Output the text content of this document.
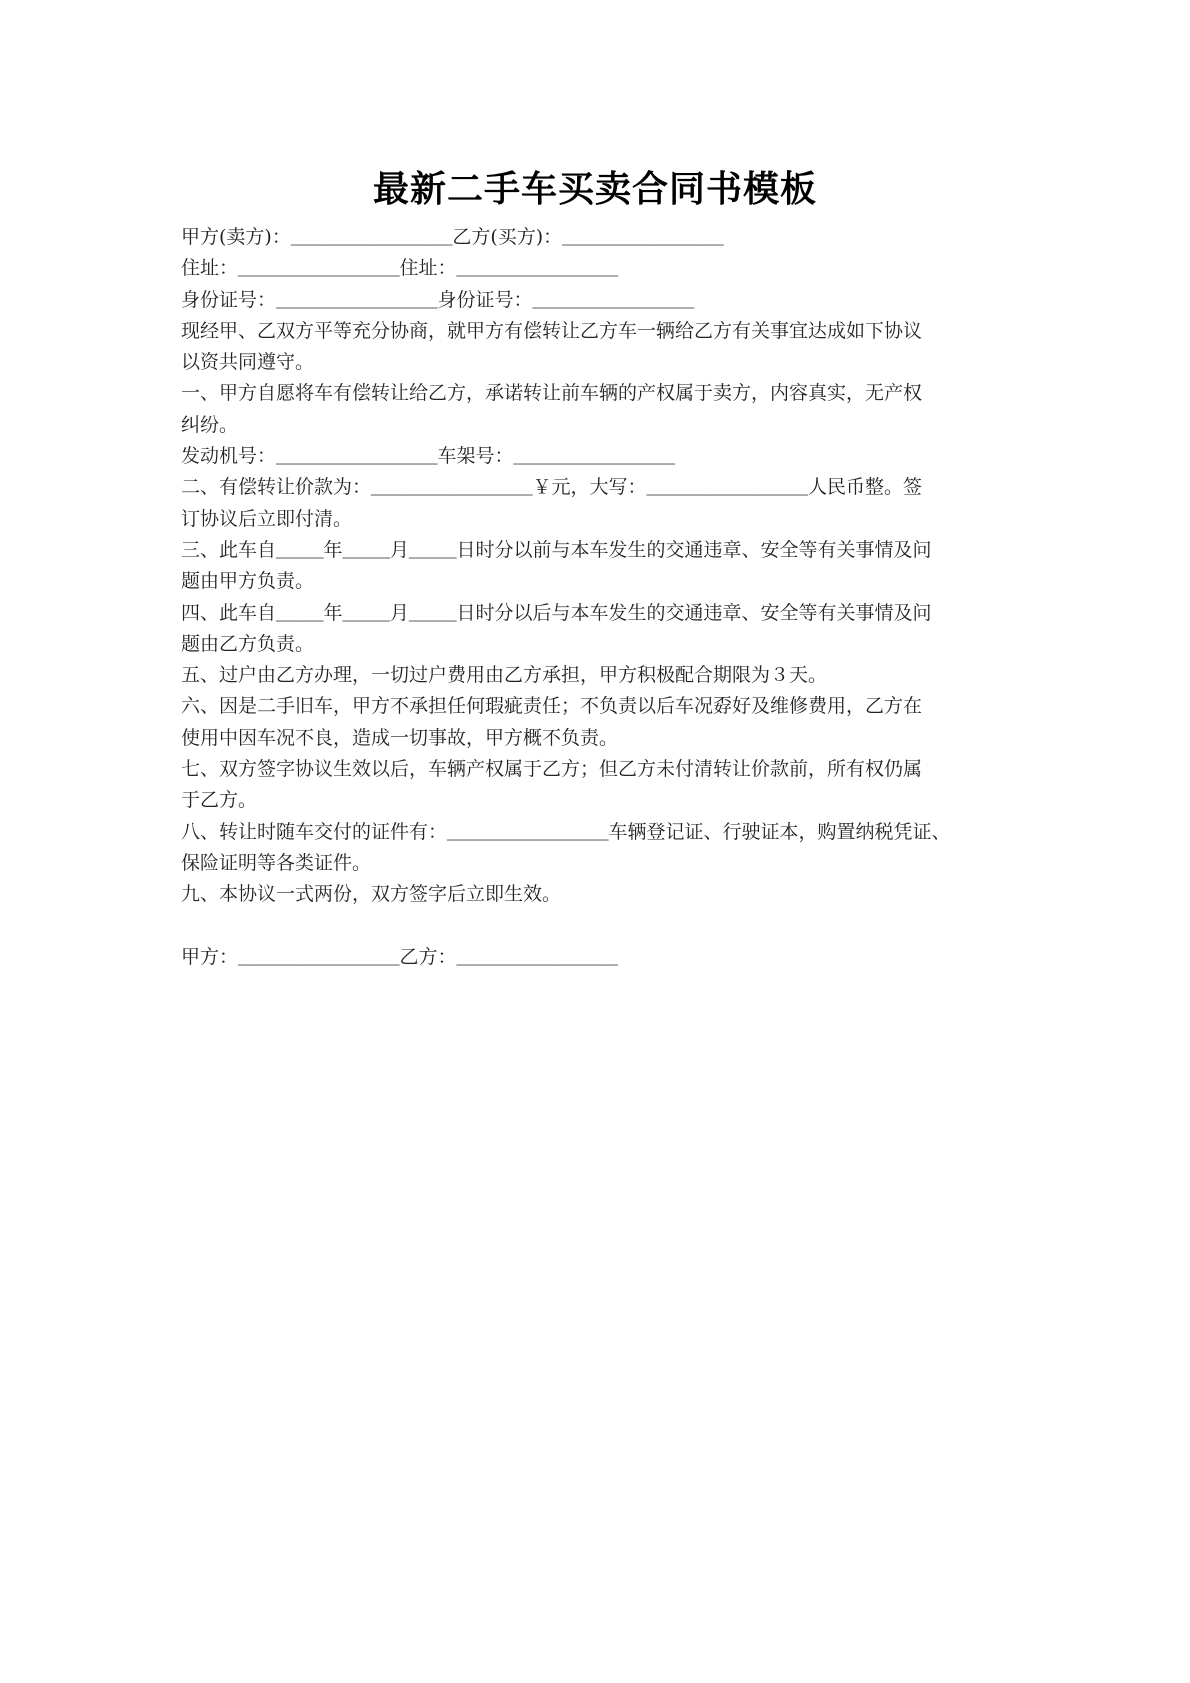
最新二手车买卖合同书模板
甲方(卖方)：_________________乙方(买方)：_________________
住址：_________________住址：_________________
身份证号：_________________身份证号：_________________
现经甲、乙双方平等充分协商，就甲方有偿转让乙方车一辆给乙方有关事宜达成如下协议
以资共同遵守。
一、甲方自愿将车有偿转让给乙方，承诺转让前车辆的产权属于卖方，内容真实，无产权
纠纷。
发动机号：_________________车架号：_________________
二、有偿转让价款为：_________________￥元，大写：_________________人民币整。签
订协议后立即付清。
三、此车自_____年_____月_____日时分以前与本车发生的交通违章、安全等有关事情及问
题由甲方负责。
四、此车自_____年_____月_____日时分以后与本车发生的交通违章、安全等有关事情及问
题由乙方负责。
五、过户由乙方办理，一切过户费用由乙方承担，甲方积极配合期限为３天。
六、因是二手旧车，甲方不承担任何瑕疵责任；不负责以后车况孬好及维修费用，乙方在
使用中因车况不良，造成一切事故，甲方概不负责。
七、双方签字协议生效以后，车辆产权属于乙方；但乙方未付清转让价款前，所有权仍属
于乙方。
八、转让时随车交付的证件有：_________________车辆登记证、行驶证本，购置纳税凭证、
保险证明等各类证件。
九、本协议一式两份，双方签字后立即生效。
甲方：_________________乙方：_________________
